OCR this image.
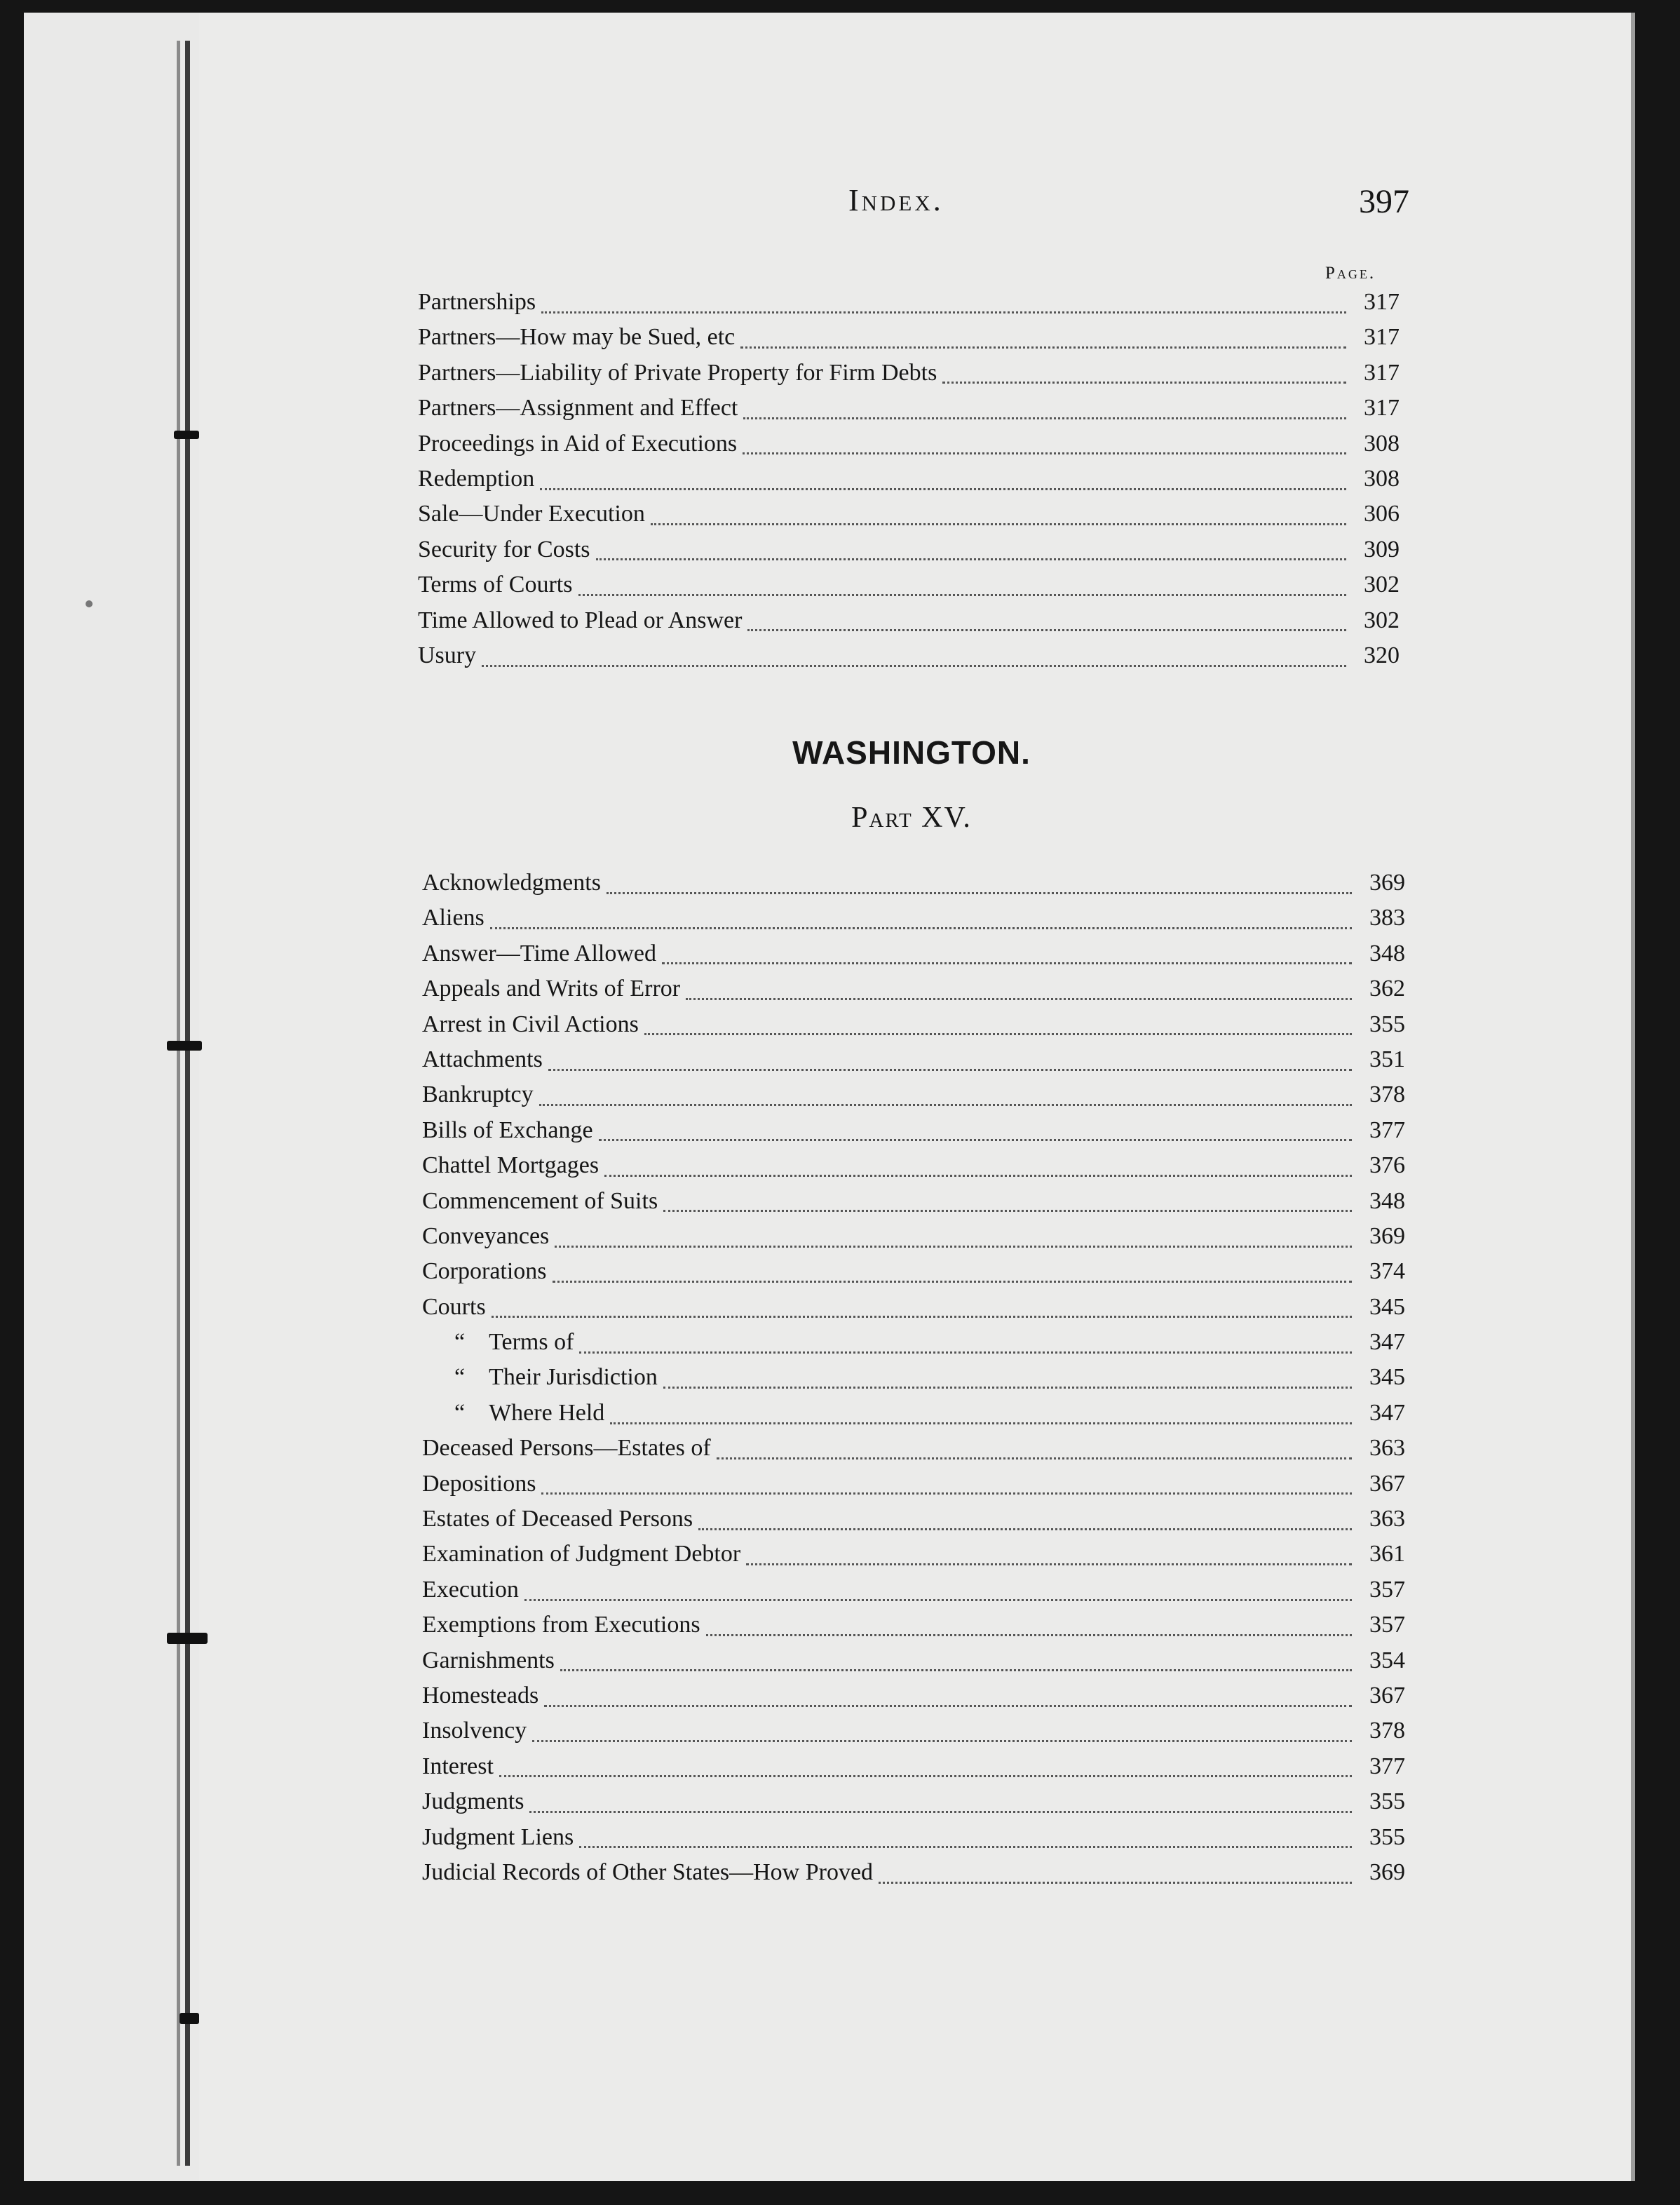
Index.	397
Page.
Partnerships	317
Partners—How may be Sued, etc	317
Partners—Liability of Private Property for Firm Debts	317
Partners—Assignment and Effect	317
Proceedings in Aid of Executions	308
Redemption	308
Sale—Under Execution	306
Security for Costs	309
Terms of Courts	302
Time Allowed to Plead or Answer	302
Usury	320
WASHINGTON.
Part XV.
Acknowledgments	369
Aliens	383
Answer—Time Allowed	348
Appeals and Writs of Error	362
Arrest in Civil Actions	355
Attachments	351
Bankruptcy	378
Bills of Exchange	377
Chattel Mortgages	376
Commencement of Suits	348
Conveyances	369
Corporations	374
Courts	345
“ Terms of	347
“ Their Jurisdiction	345
“ Where Held	347
Deceased Persons—Estates of	363
Depositions	367
Estates of Deceased Persons	363
Examination of Judgment Debtor	361
Execution	357
Exemptions from Executions	357
Garnishments	354
Homesteads	367
Insolvency	378
Interest	377
Judgments	355
Judgment Liens	355
Judicial Records of Other States—How Proved	369
